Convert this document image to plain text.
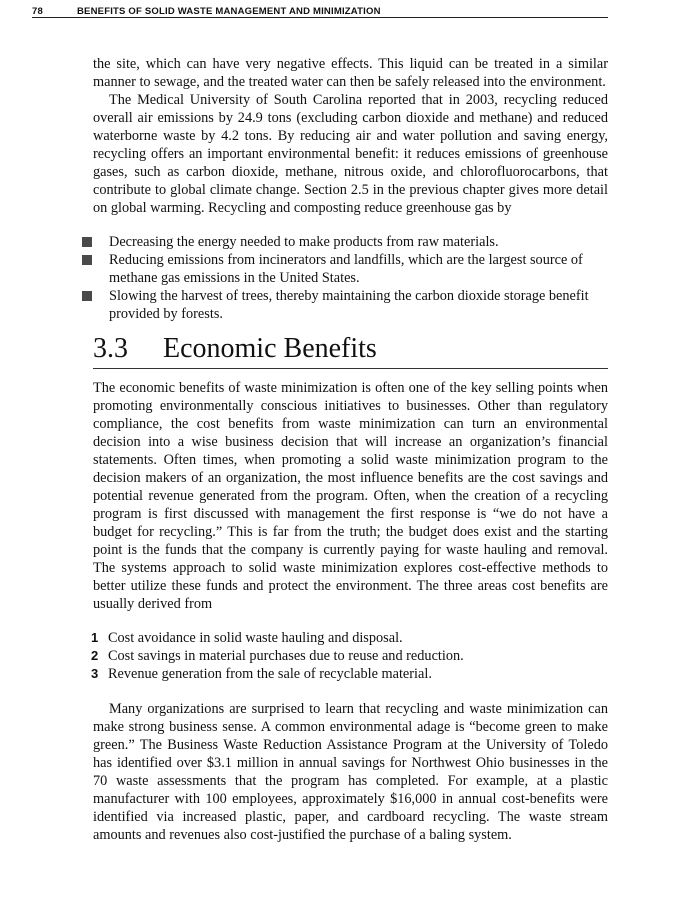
78	BENEFITS OF SOLID WASTE MANAGEMENT AND MINIMIZATION

the site, which can have very negative effects. This liquid can be treated in a similar manner to sewage, and the treated water can then be safely released into the environment.

The Medical University of South Carolina reported that in 2003, recycling reduced overall air emissions by 24.9 tons (excluding carbon dioxide and methane) and reduced waterborne waste by 4.2 tons. By reducing air and water pollution and saving energy, recycling offers an important environmental benefit: it reduces emissions of greenhouse gases, such as carbon dioxide, methane, nitrous oxide, and chlorofluorocarbons, that contribute to global climate change. Section 2.5 in the previous chapter gives more detail on global warming. Recycling and composting reduce greenhouse gas by

Decreasing the energy needed to make products from raw materials.
Reducing emissions from incinerators and landfills, which are the largest source of methane gas emissions in the United States.
Slowing the harvest of trees, thereby maintaining the carbon dioxide storage benefit provided by forests.
3.3 Economic Benefits

The economic benefits of waste minimization is often one of the key selling points when promoting environmentally conscious initiatives to businesses. Other than regulatory compliance, the cost benefits from waste minimization can turn an environmental decision into a wise business decision that will increase an organization’s financial statements. Often times, when promoting a solid waste minimization program to the decision makers of an organization, the most influence benefits are the cost savings and potential revenue generated from the program. Often, when the creation of a recycling program is first discussed with management the first response is “we do not have a budget for recycling.” This is far from the truth; the budget does exist and the starting point is the funds that the company is currently paying for waste hauling and removal. The systems approach to solid waste minimization explores cost-effective methods to better utilize these funds and protect the environment. The three areas cost benefits are usually derived from

1 Cost avoidance in solid waste hauling and disposal.
2 Cost savings in material purchases due to reuse and reduction.
3 Revenue generation from the sale of recyclable material.

Many organizations are surprised to learn that recycling and waste minimization can make strong business sense. A common environmental adage is “become green to make green.” The Business Waste Reduction Assistance Program at the University of Toledo has identified over $3.1 million in annual savings for Northwest Ohio businesses in the 70 waste assessments that the program has completed. For example, at a plastic manufacturer with 100 employees, approximately $16,000 in annual cost-benefits were identified via increased plastic, paper, and cardboard recycling. The waste stream amounts and revenues also cost-justified the purchase of a baling system.
